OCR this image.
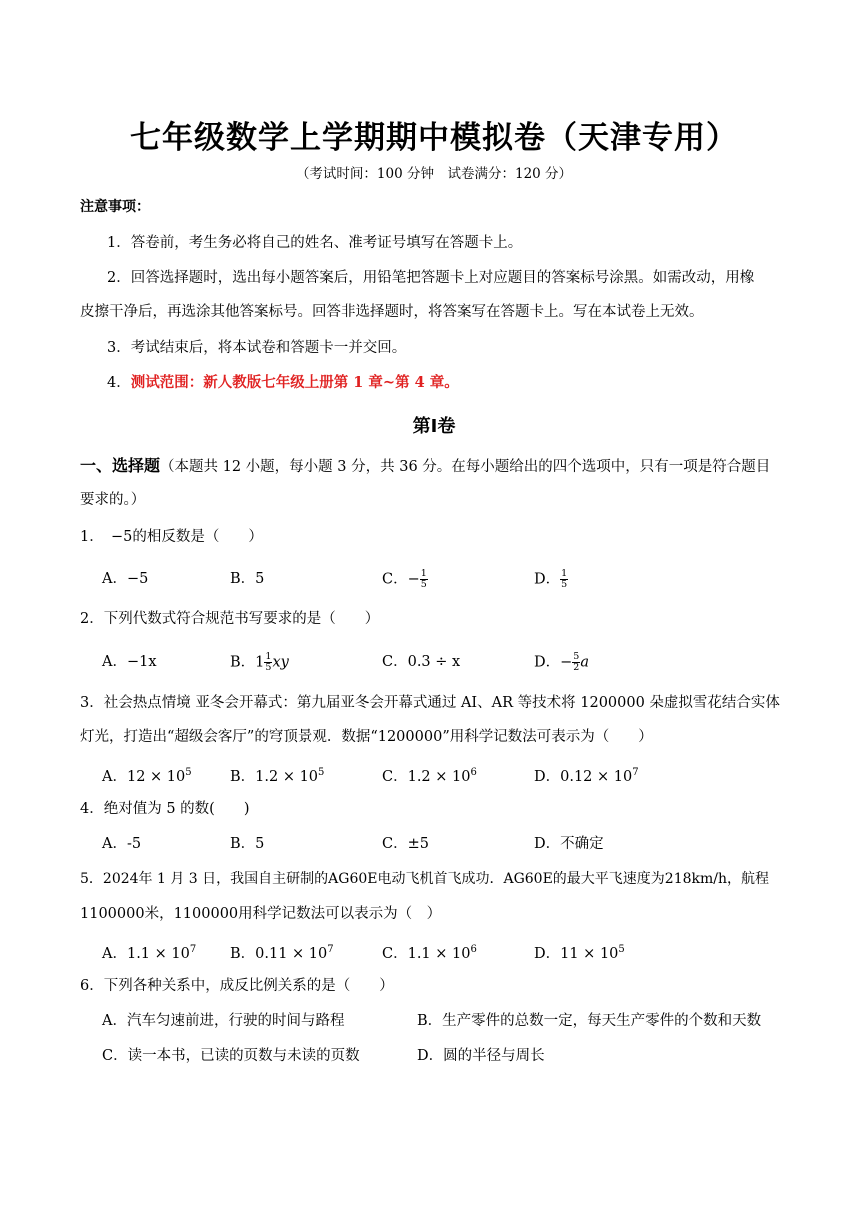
七年级数学上学期期中模拟卷（天津专用）
（考试时间：100 分钟　试卷满分：120 分）
注意事项：
1．答卷前，考生务必将自己的姓名、准考证号填写在答题卡上。
2．回答选择题时，选出每小题答案后，用铅笔把答题卡上对应题目的答案标号涂黑。如需改动，用橡
皮擦干净后，再选涂其他答案标号。回答非选择题时，将答案写在答题卡上。写在本试卷上无效。
3．考试结束后，将本试卷和答题卡一并交回。
4．测试范围：新人教版七年级上册第 1 章~第 4 章。
第Ⅰ卷
一、选择题（本题共 12 小题，每小题 3 分，共 36 分。在每小题给出的四个选项中，只有一项是符合题目
要求的。）
1．　−5的相反数是（　　）
A．−5	B．5	C．− $\frac{1}{5}$	D． $\frac{1}{5}$
2．下列代数式符合规范书写要求的是（　　）
A．−1x	B．$1 \frac{1}{5}$ xy	C．0.3 ÷ x	D．− $\frac{5}{2}$ a
3．社会热点情境 亚冬会开幕式：第九届亚冬会开幕式通过 AI、AR 等技术将 1200000 朵虚拟雪花结合实体
灯光，打造出“超级会客厅”的穹顶景观．数据“1200000”用科学记数法可表示为（　　）
A．$12 \times 10^5$	B．$1.2 \times 10^5$	C．$1.2 \times 10^6$	D．$0.12 \times 10^7$
4．绝对值为 5 的数(　　)
A．-5	B．5	C．±5	D．不确定
5．2024年 1 月 3 日，我国自主研制的AG60E电动飞机首飞成功．AG60E的最大平飞速度为218km/h，航程
1100000米，1100000用科学记数法可以表示为（　）
A．$1.1 \times 10^7$ B．$0.11 \times 10^7$	C．$1.1 \times 10^6$	D．$11 \times 10^5$
6．下列各种关系中，成反比例关系的是（　　）
A．汽车匀速前进，行驶的时间与路程	B．生产零件的总数一定，每天生产零件的个数和天数
C．读一本书，已读的页数与未读的页数	D．圆的半径与周长
